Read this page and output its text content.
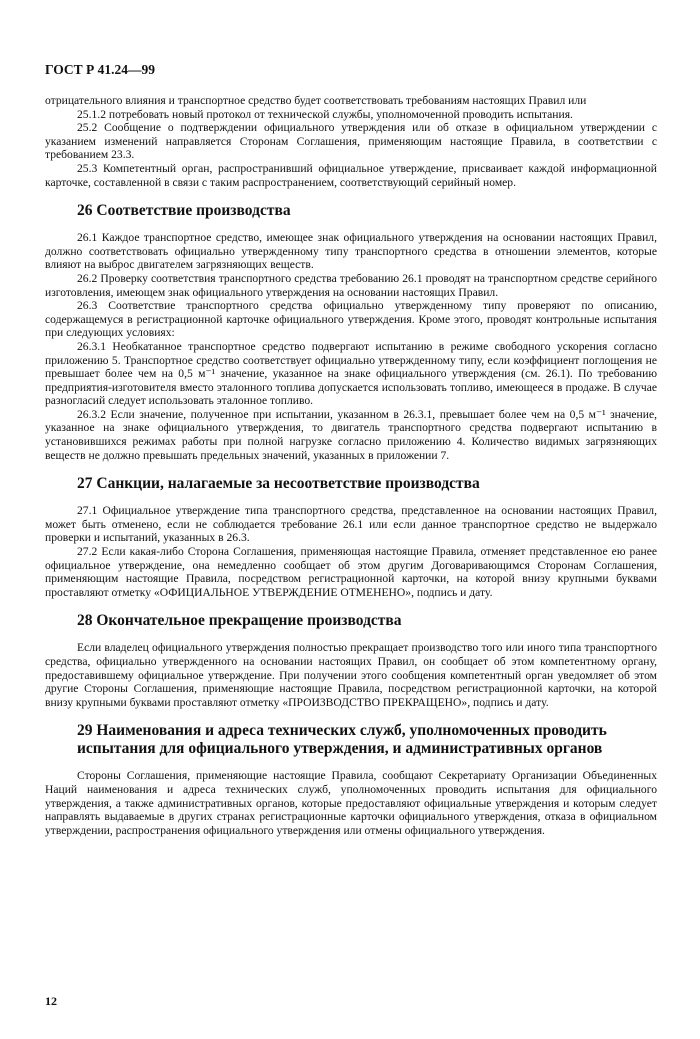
ГОСТ Р 41.24—99

отрицательного влияния и транспортное средство будет соответствовать требованиям настоящих Правил или

25.1.2 потребовать новый протокол от технической службы, уполномоченной проводить испытания.

25.2 Сообщение о подтверждении официального утверждения или об отказе в официальном утверждении с указанием изменений направляется Сторонам Соглашения, применяющим настоящие Правила, в соответствии с требованием 23.3.

25.3 Компетентный орган, распространивший официальное утверждение, присваивает каждой информационной карточке, составленной в связи с таким распространением, соответствующий серийный номер.

26 Соответствие производства

26.1 Каждое транспортное средство, имеющее знак официального утверждения на основании настоящих Правил, должно соответствовать официально утвержденному типу транспортного средства в отношении элементов, которые влияют на выброс двигателем загрязняющих веществ.

26.2 Проверку соответствия транспортного средства требованию 26.1 проводят на транспортном средстве серийного изготовления, имеющем знак официального утверждения на основании настоящих Правил.

26.3 Соответствие транспортного средства официально утвержденному типу проверяют по описанию, содержащемуся в регистрационной карточке официального утверждения. Кроме этого, проводят контрольные испытания при следующих условиях:

26.3.1 Необкатанное транспортное средство подвергают испытанию в режиме свободного ускорения согласно приложению 5. Транспортное средство соответствует официально утвержденному типу, если коэффициент поглощения не превышает более чем на 0,5 м⁻¹ значение, указанное на знаке официального утверждения (см. 26.1). По требованию предприятия-изготовителя вместо эталонного топлива допускается использовать топливо, имеющееся в продаже. В случае разногласий следует использовать эталонное топливо.

26.3.2 Если значение, полученное при испытании, указанном в 26.3.1, превышает более чем на 0,5 м⁻¹ значение, указанное на знаке официального утверждения, то двигатель транспортного средства подвергают испытанию в установившихся режимах работы при полной нагрузке согласно приложению 4. Количество видимых загрязняющих веществ не должно превышать предельных значений, указанных в приложении 7.

27 Санкции, налагаемые за несоответствие производства

27.1 Официальное утверждение типа транспортного средства, представленное на основании настоящих Правил, может быть отменено, если не соблюдается требование 26.1 или если данное транспортное средство не выдержало проверки и испытаний, указанных в 26.3.

27.2 Если какая-либо Сторона Соглашения, применяющая настоящие Правила, отменяет представленное ею ранее официальное утверждение, она немедленно сообщает об этом другим Договаривающимся Сторонам Соглашения, применяющим настоящие Правила, посредством регистрационной карточки, на которой внизу крупными буквами проставляют отметку «ОФИЦИАЛЬНОЕ УТВЕРЖДЕНИЕ ОТМЕНЕНО», подпись и дату.

28 Окончательное прекращение производства

Если владелец официального утверждения полностью прекращает производство того или иного типа транспортного средства, официально утвержденного на основании настоящих Правил, он сообщает об этом компетентному органу, предоставившему официальное утверждение. При получении этого сообщения компетентный орган уведомляет об этом другие Стороны Соглашения, применяющие настоящие Правила, посредством регистрационной карточки, на которой внизу крупными буквами проставляют отметку «ПРОИЗВОДСТВО ПРЕКРАЩЕНО», подпись и дату.

29 Наименования и адреса технических служб, уполномоченных проводить испытания для официального утверждения, и административных органов

Стороны Соглашения, применяющие настоящие Правила, сообщают Секретариату Организации Объединенных Наций наименования и адреса технических служб, уполномоченных проводить испытания для официального утверждения, а также административных органов, которые предоставляют официальные утверждения и которым следует направлять выдаваемые в других странах регистрационные карточки официального утверждения, отказа в официальном утверждении, распространения официального утверждения или отмены официального утверждения.

12
